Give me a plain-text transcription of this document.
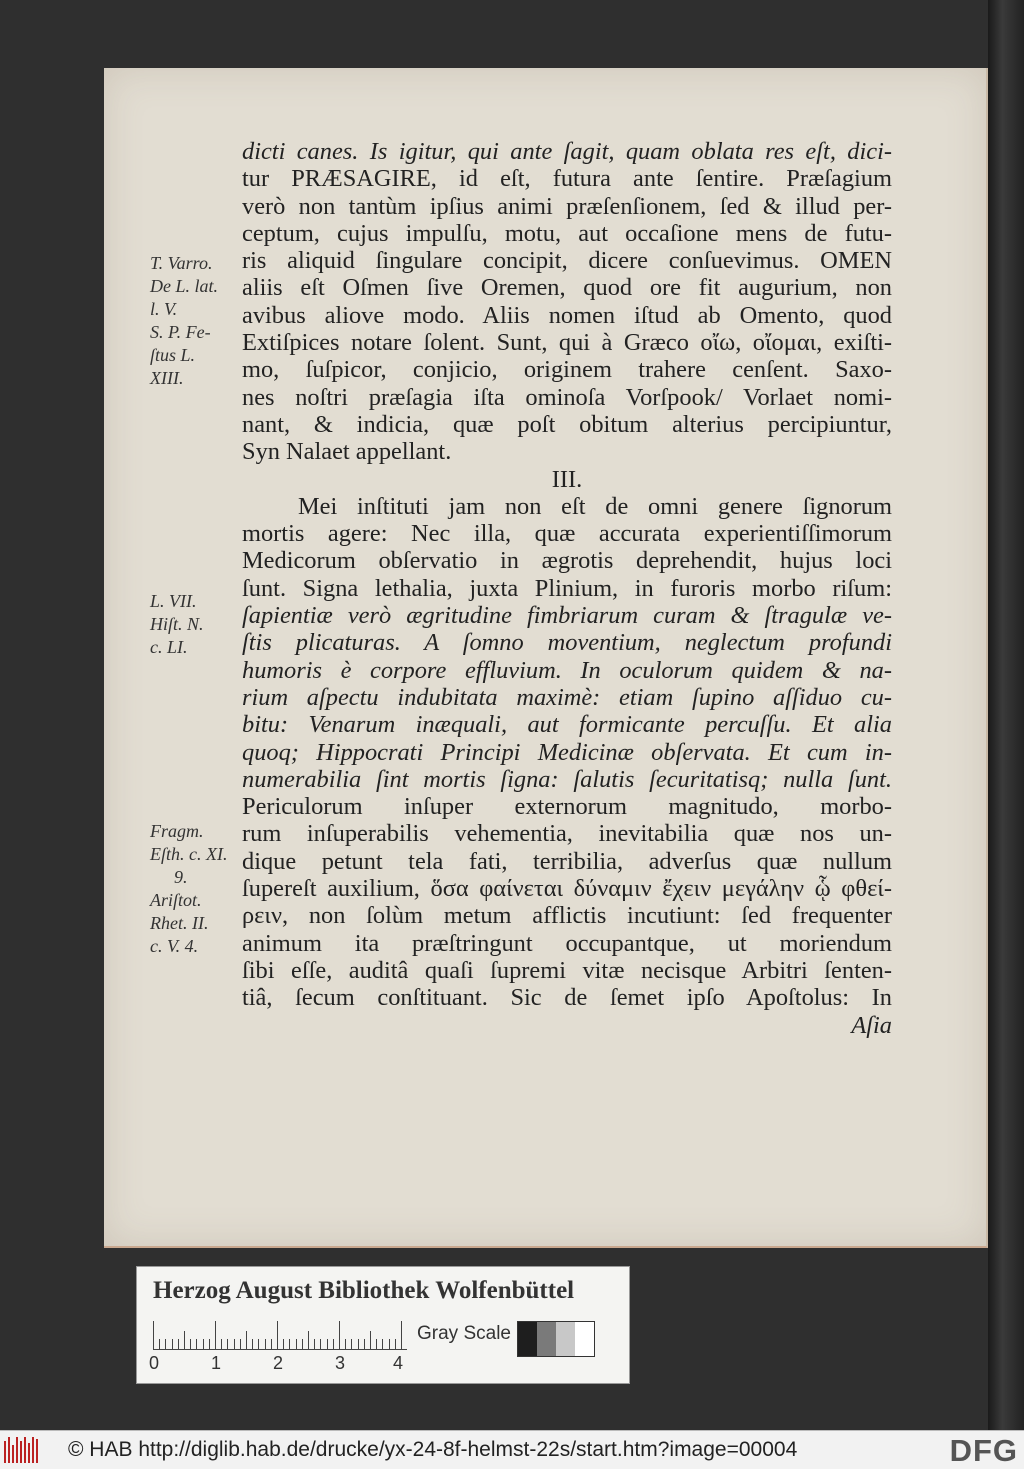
T. Varro.
De L. lat.
l. V.
S. P. Fe-
ſtus L.
XIII.
L. VII.
Hiſt. N.
c. LI.
Fragm.
Eſth. c. XI.
9.
Ariſtot.
Rhet. II.
c. V. 4.
dicti canes. Is igitur, qui ante ſagit, quam oblata res eſt, dici-
tur PRÆSAGIRE, id eſt, futura ante ſentire. Præſagium
verò non tantùm ipſius animi præſenſionem, ſed & illud per-
ceptum, cujus impulſu, motu, aut occaſione mens de futu-
ris aliquid ſingulare concipit, dicere conſuevimus. OMEN
aliis eſt Oſmen ſive Oremen, quod ore fit augurium, non
avibus aliove modo. Aliis nomen iſtud ab Omento, quod
Extiſpices notare ſolent. Sunt, qui à Græco οἴω, οἴομαι, exiſti-
mo, ſuſpicor, conjicio, originem trahere cenſent. Saxo-
nes noſtri præſagia iſta ominoſa Vorſpook/ Vorlaet nomi-
nant, & indicia, quæ poſt obitum alterius percipiuntur,
Syn Nalaet appellant.
III.
Mei inſtituti jam non eſt de omni genere ſignorum
mortis agere: Nec illa, quæ accurata experientiſſimorum
Medicorum obſervatio in ægrotis deprehendit, hujus loci
ſunt. Signa lethalia, juxta Plinium, in furoris morbo riſum:
ſapientiæ verò ægritudine fimbriarum curam & ſtragulæ ve-
ſtis plicaturas. A ſomno moventium, neglectum profundi
humoris è corpore effluvium. In oculorum quidem & na-
rium aſpectu indubitata maximè: etiam ſupino aſſiduo cu-
bitu: Venarum inæquali, aut formicante percuſſu. Et alia
quoq; Hippocrati Principi Medicinæ obſervata. Et cum in-
numerabilia ſint mortis ſigna: ſalutis ſecuritatisq; nulla ſunt.
Periculorum inſuper externorum magnitudo, morbo-
rum inſuperabilis vehementia, inevitabilia quæ nos un-
dique petunt tela fati, terribilia, adverſus quæ nullum
ſupereſt auxilium, ὅσα φαίνεται δύναμιν ἔχειν μεγάλην ᾧ φθεί-
ρειν, non ſolùm metum afflictis incutiunt: ſed frequenter
animum ita præſtringunt occupantque, ut moriendum
ſibi eſſe, auditâ quaſi ſupremi vitæ necisque Arbitri ſenten-
tiâ, ſecum conſtituant. Sic de ſemet ipſo Apoſtolus: In
Aſia
Herzog August Bibliothek Wolfenbüttel
0	1	2	3	4
Gray Scale
© HAB http://diglib.hab.de/drucke/yx-24-8f-helmst-22s/start.htm?image=00004	DFG
